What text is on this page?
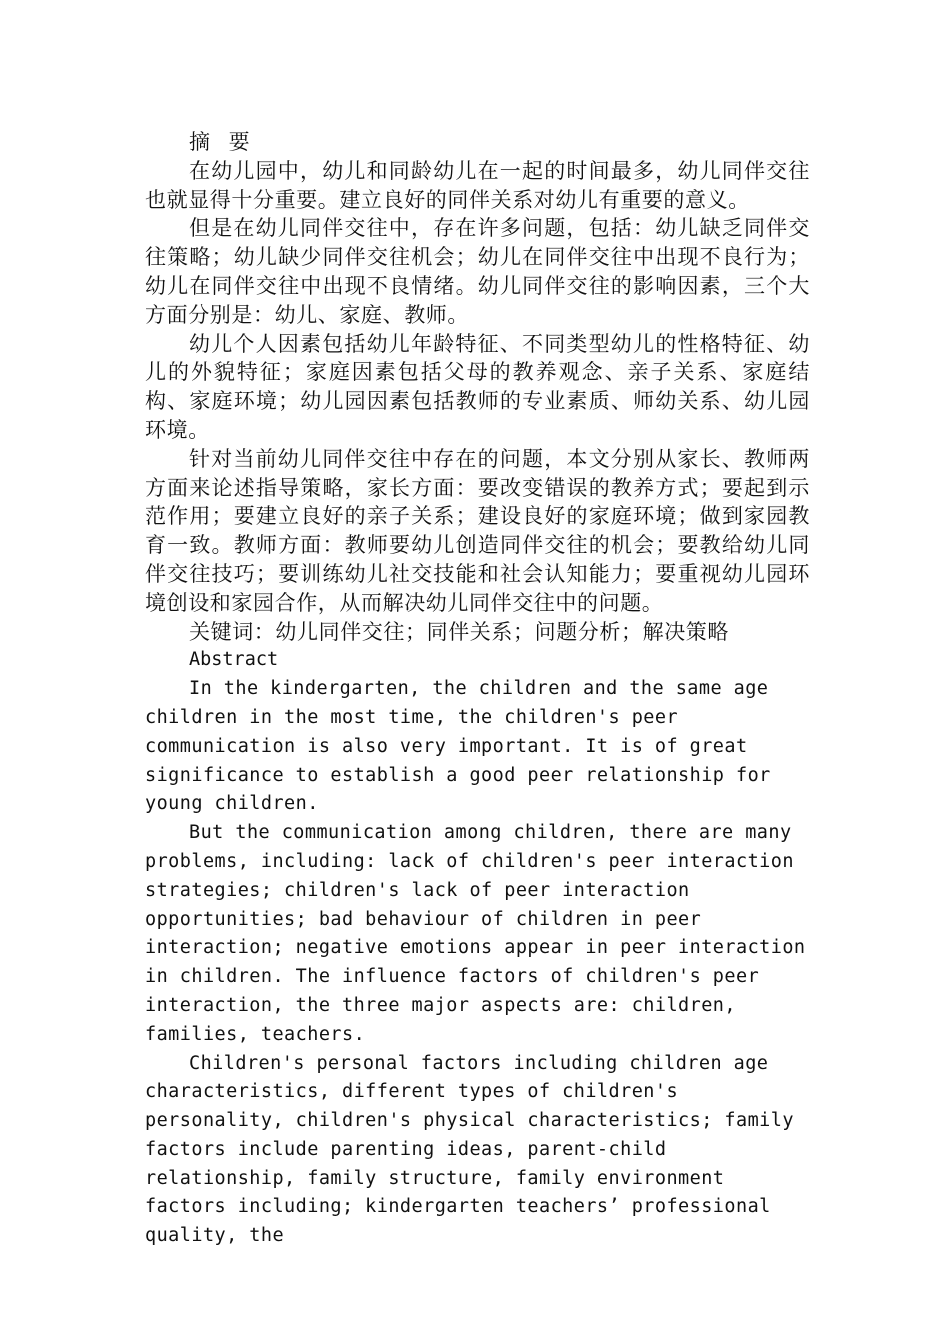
摘 要

在幼儿园中，幼儿和同龄幼儿在一起的时间最多，幼儿同伴交往也就显得十分重要。建立良好的同伴关系对幼儿有重要的意义。

但是在幼儿同伴交往中，存在许多问题，包括：幼儿缺乏同伴交往策略；幼儿缺少同伴交往机会；幼儿在同伴交往中出现不良行为；幼儿在同伴交往中出现不良情绪。幼儿同伴交往的影响因素，三个大方面分别是：幼儿、家庭、教师。

幼儿个人因素包括幼儿年龄特征、不同类型幼儿的性格特征、幼儿的外貌特征；家庭因素包括父母的教养观念、亲子关系、家庭结构、家庭环境；幼儿园因素包括教师的专业素质、师幼关系、幼儿园环境。

针对当前幼儿同伴交往中存在的问题，本文分别从家长、教师两方面来论述指导策略，家长方面：要改变错误的教养方式；要起到示范作用；要建立良好的亲子关系；建设良好的家庭环境；做到家园教育一致。教师方面：教师要幼儿创造同伴交往的机会；要教给幼儿同伴交往技巧；要训练幼儿社交技能和社会认知能力；要重视幼儿园环境创设和家园合作，从而解决幼儿同伴交往中的问题。

关键词：幼儿同伴交往；同伴关系；问题分析；解决策略

Abstract

In the kindergarten, the children and the same age children in the most time, the children's peer communication is also very important. It is of great significance to establish a good peer relationship for young children.

But the communication among children, there are many problems, including: lack of children's peer interaction strategies; children's lack of peer interaction opportunities; bad behaviour of children in peer interaction; negative emotions appear in peer interaction in children. The influence factors of children's peer interaction, the three major aspects are: children, families, teachers.

Children's personal factors including children age characteristics, different types of children's personality, children's physical characteristics; family factors include parenting ideas, parent-child relationship, family structure, family environment factors including; kindergarten teachers’ professional quality, the
